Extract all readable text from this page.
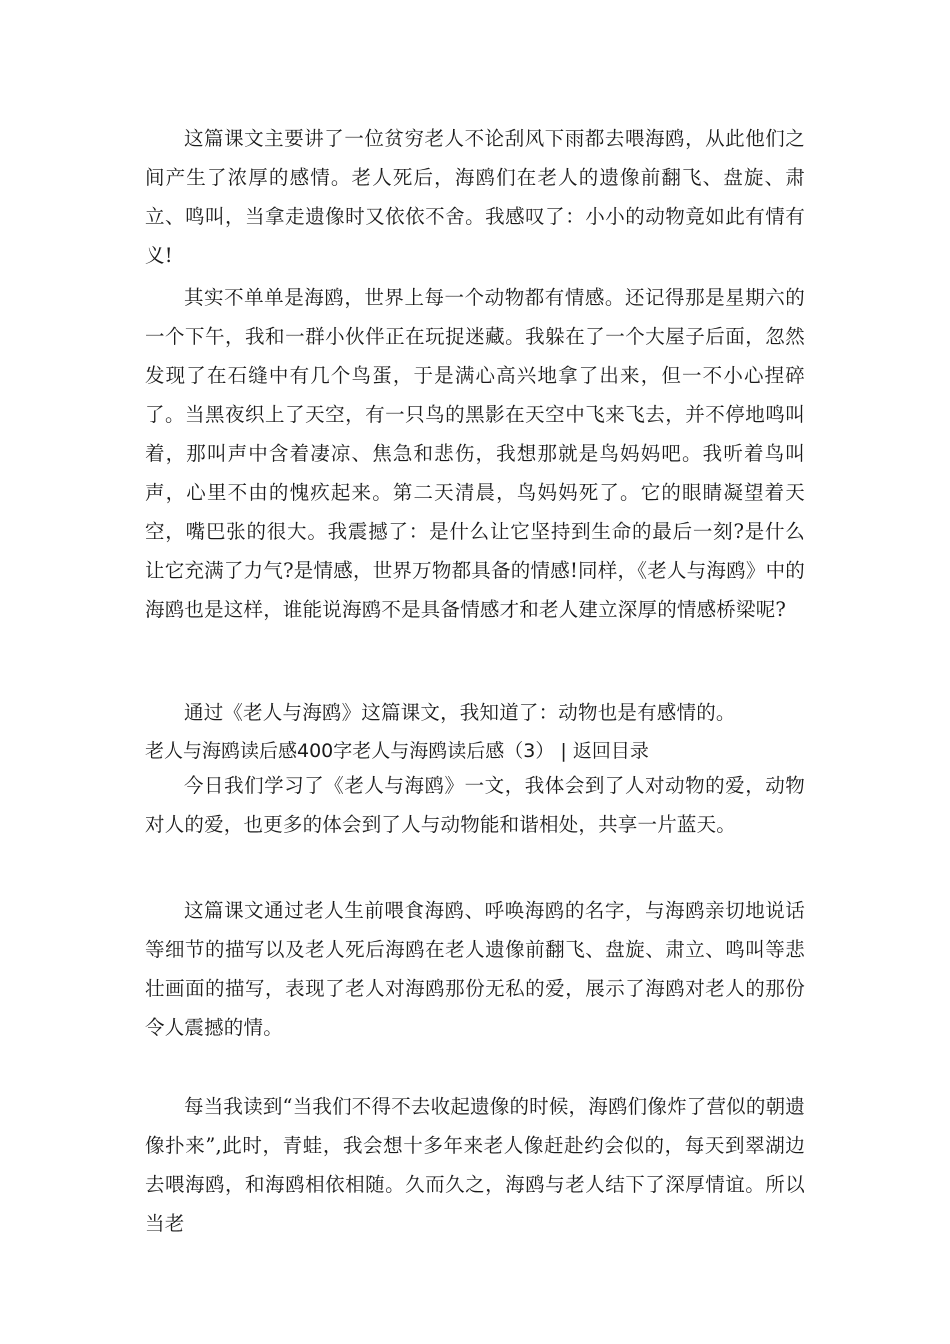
这篇课文主要讲了一位贫穷老人不论刮风下雨都去喂海鸥，从此他们之间产生了浓厚的感情。老人死后，海鸥们在老人的遗像前翻飞、盘旋、肃立、鸣叫，当拿走遗像时又依依不舍。我感叹了：小小的动物竟如此有情有义!

其实不单单是海鸥，世界上每一个动物都有情感。还记得那是星期六的一个下午，我和一群小伙伴正在玩捉迷藏。我躲在了一个大屋子后面，忽然发现了在石缝中有几个鸟蛋，于是满心高兴地拿了出来，但一不小心捏碎了。当黑夜织上了天空，有一只鸟的黑影在天空中飞来飞去，并不停地鸣叫着，那叫声中含着凄凉、焦急和悲伤，我想那就是鸟妈妈吧。我听着鸟叫声，心里不由的愧疚起来。第二天清晨，鸟妈妈死了。它的眼睛凝望着天空，嘴巴张的很大。我震撼了：是什么让它坚持到生命的最后一刻?是什么让它充满了力气?是情感，世界万物都具备的情感!同样，《老人与海鸥》中的海鸥也是这样，谁能说海鸥不是具备情感才和老人建立深厚的情感桥梁呢?

通过《老人与海鸥》这篇课文，我知道了：动物也是有感情的。

老人与海鸥读后感400字老人与海鸥读后感（3） | 返回目录

今日我们学习了《老人与海鸥》一文，我体会到了人对动物的爱，动物对人的爱，也更多的体会到了人与动物能和谐相处，共享一片蓝天。

这篇课文通过老人生前喂食海鸥、呼唤海鸥的名字，与海鸥亲切地说话等细节的描写以及老人死后海鸥在老人遗像前翻飞、盘旋、肃立、鸣叫等悲壮画面的描写，表现了老人对海鸥那份无私的爱，展示了海鸥对老人的那份令人震撼的情。

每当我读到“当我们不得不去收起遗像的时候，海鸥们像炸了营似的朝遗像扑来”,此时，青蛙，我会想十多年来老人像赶赴约会似的，每天到翠湖边去喂海鸥，和海鸥相依相随。久而久之，海鸥与老人结下了深厚情谊。所以当老
